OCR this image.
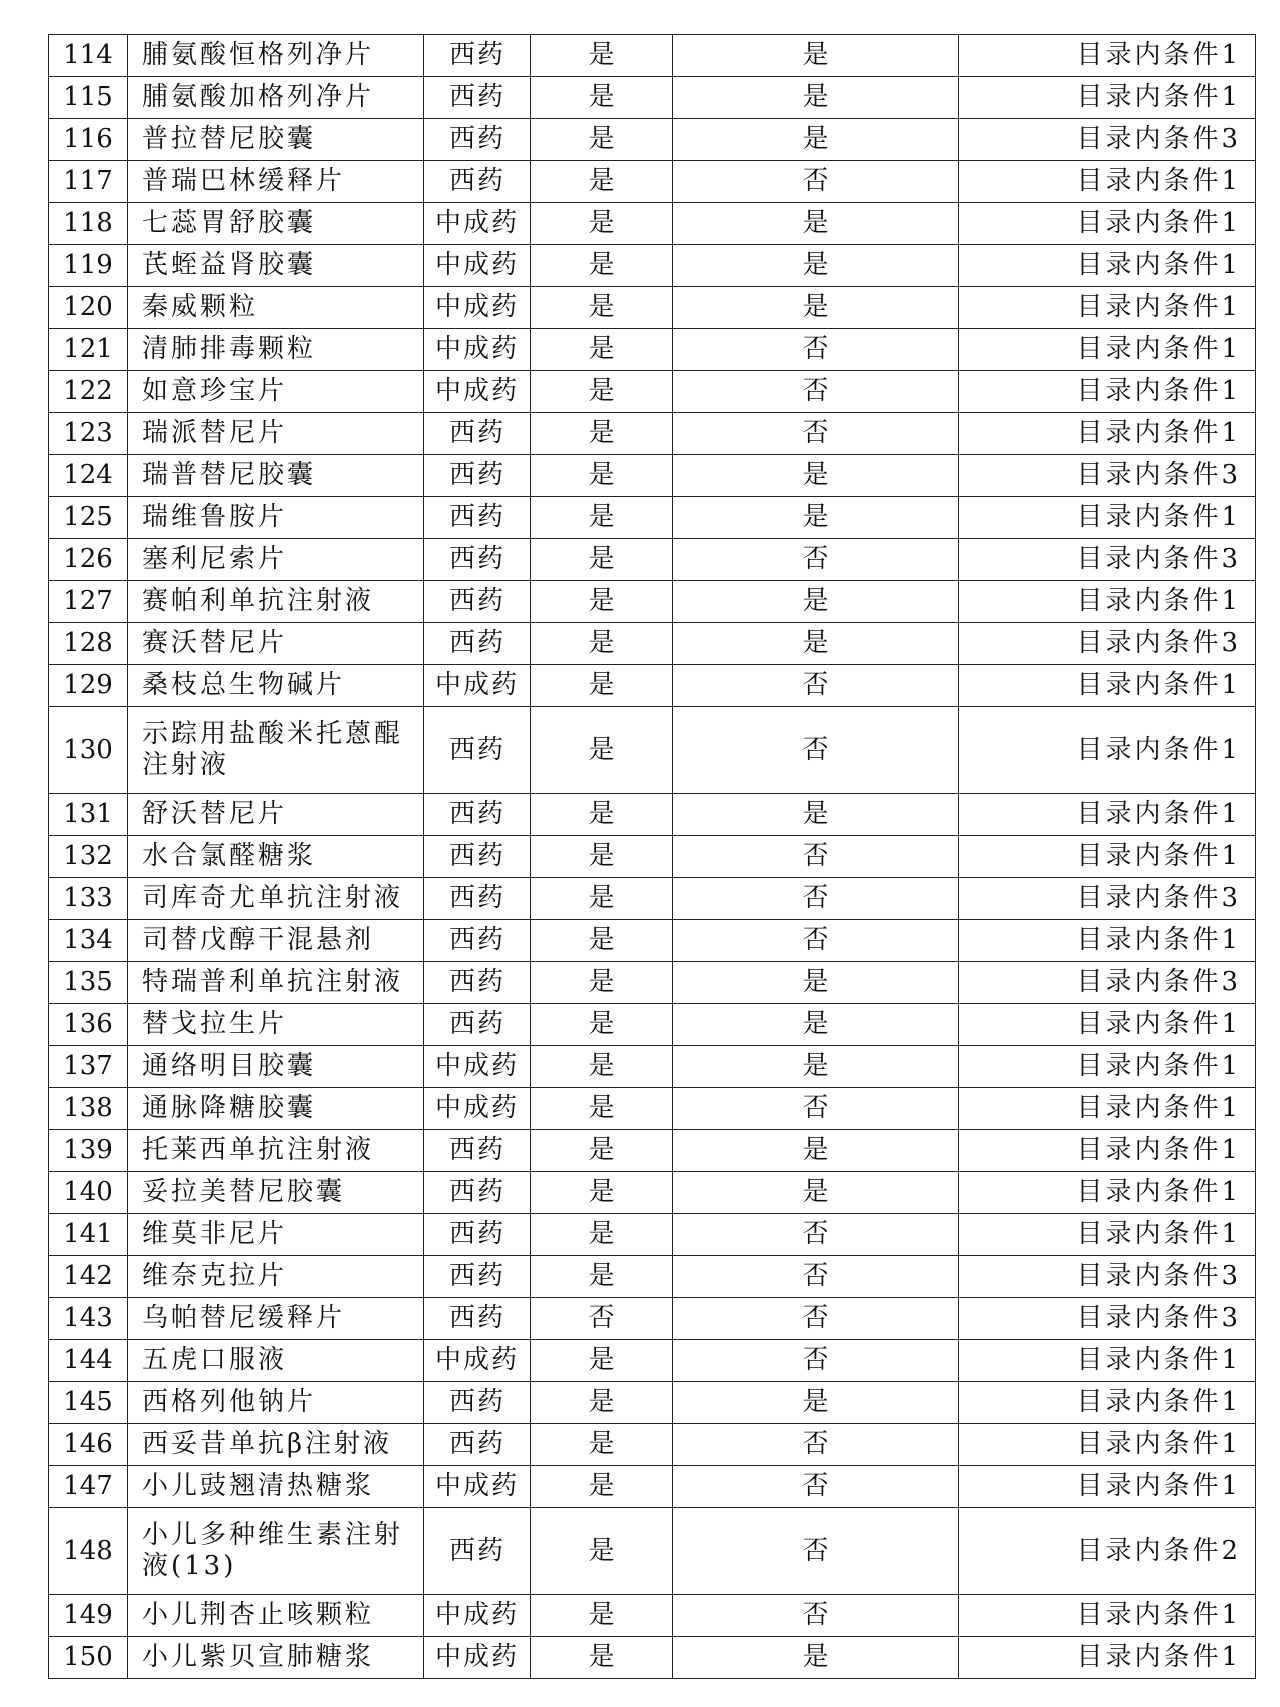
114	脯氨酸恒格列净片	西药	是	是	目录内条件1
115	脯氨酸加格列净片	西药	是	是	目录内条件1
116	普拉替尼胶囊	西药	是	是	目录内条件3
117	普瑞巴林缓释片	西药	是	否	目录内条件1
118	七蕊胃舒胶囊	中成药	是	是	目录内条件1
119	芪蛭益肾胶囊	中成药	是	是	目录内条件1
120	秦威颗粒	中成药	是	是	目录内条件1
121	清肺排毒颗粒	中成药	是	否	目录内条件1
122	如意珍宝片	中成药	是	否	目录内条件1
123	瑞派替尼片	西药	是	否	目录内条件1
124	瑞普替尼胶囊	西药	是	是	目录内条件3
125	瑞维鲁胺片	西药	是	是	目录内条件1
126	塞利尼索片	西药	是	否	目录内条件3
127	赛帕利单抗注射液	西药	是	是	目录内条件1
128	赛沃替尼片	西药	是	是	目录内条件3
129	桑枝总生物碱片	中成药	是	否	目录内条件1
130	示踪用盐酸米托蒽醌注射液	西药	是	否	目录内条件1
131	舒沃替尼片	西药	是	是	目录内条件1
132	水合氯醛糖浆	西药	是	否	目录内条件1
133	司库奇尤单抗注射液	西药	是	否	目录内条件3
134	司替戊醇干混悬剂	西药	是	否	目录内条件1
135	特瑞普利单抗注射液	西药	是	是	目录内条件3
136	替戈拉生片	西药	是	是	目录内条件1
137	通络明目胶囊	中成药	是	是	目录内条件1
138	通脉降糖胶囊	中成药	是	否	目录内条件1
139	托莱西单抗注射液	西药	是	是	目录内条件1
140	妥拉美替尼胶囊	西药	是	是	目录内条件1
141	维莫非尼片	西药	是	否	目录内条件1
142	维奈克拉片	西药	是	否	目录内条件3
143	乌帕替尼缓释片	西药	否	否	目录内条件3
144	五虎口服液	中成药	是	否	目录内条件1
145	西格列他钠片	西药	是	是	目录内条件1
146	西妥昔单抗β注射液	西药	是	否	目录内条件1
147	小儿豉翘清热糖浆	中成药	是	否	目录内条件1
148	小儿多种维生素注射液(13)	西药	是	否	目录内条件2
149	小儿荆杏止咳颗粒	中成药	是	否	目录内条件1
150	小儿紫贝宣肺糖浆	中成药	是	是	目录内条件1
